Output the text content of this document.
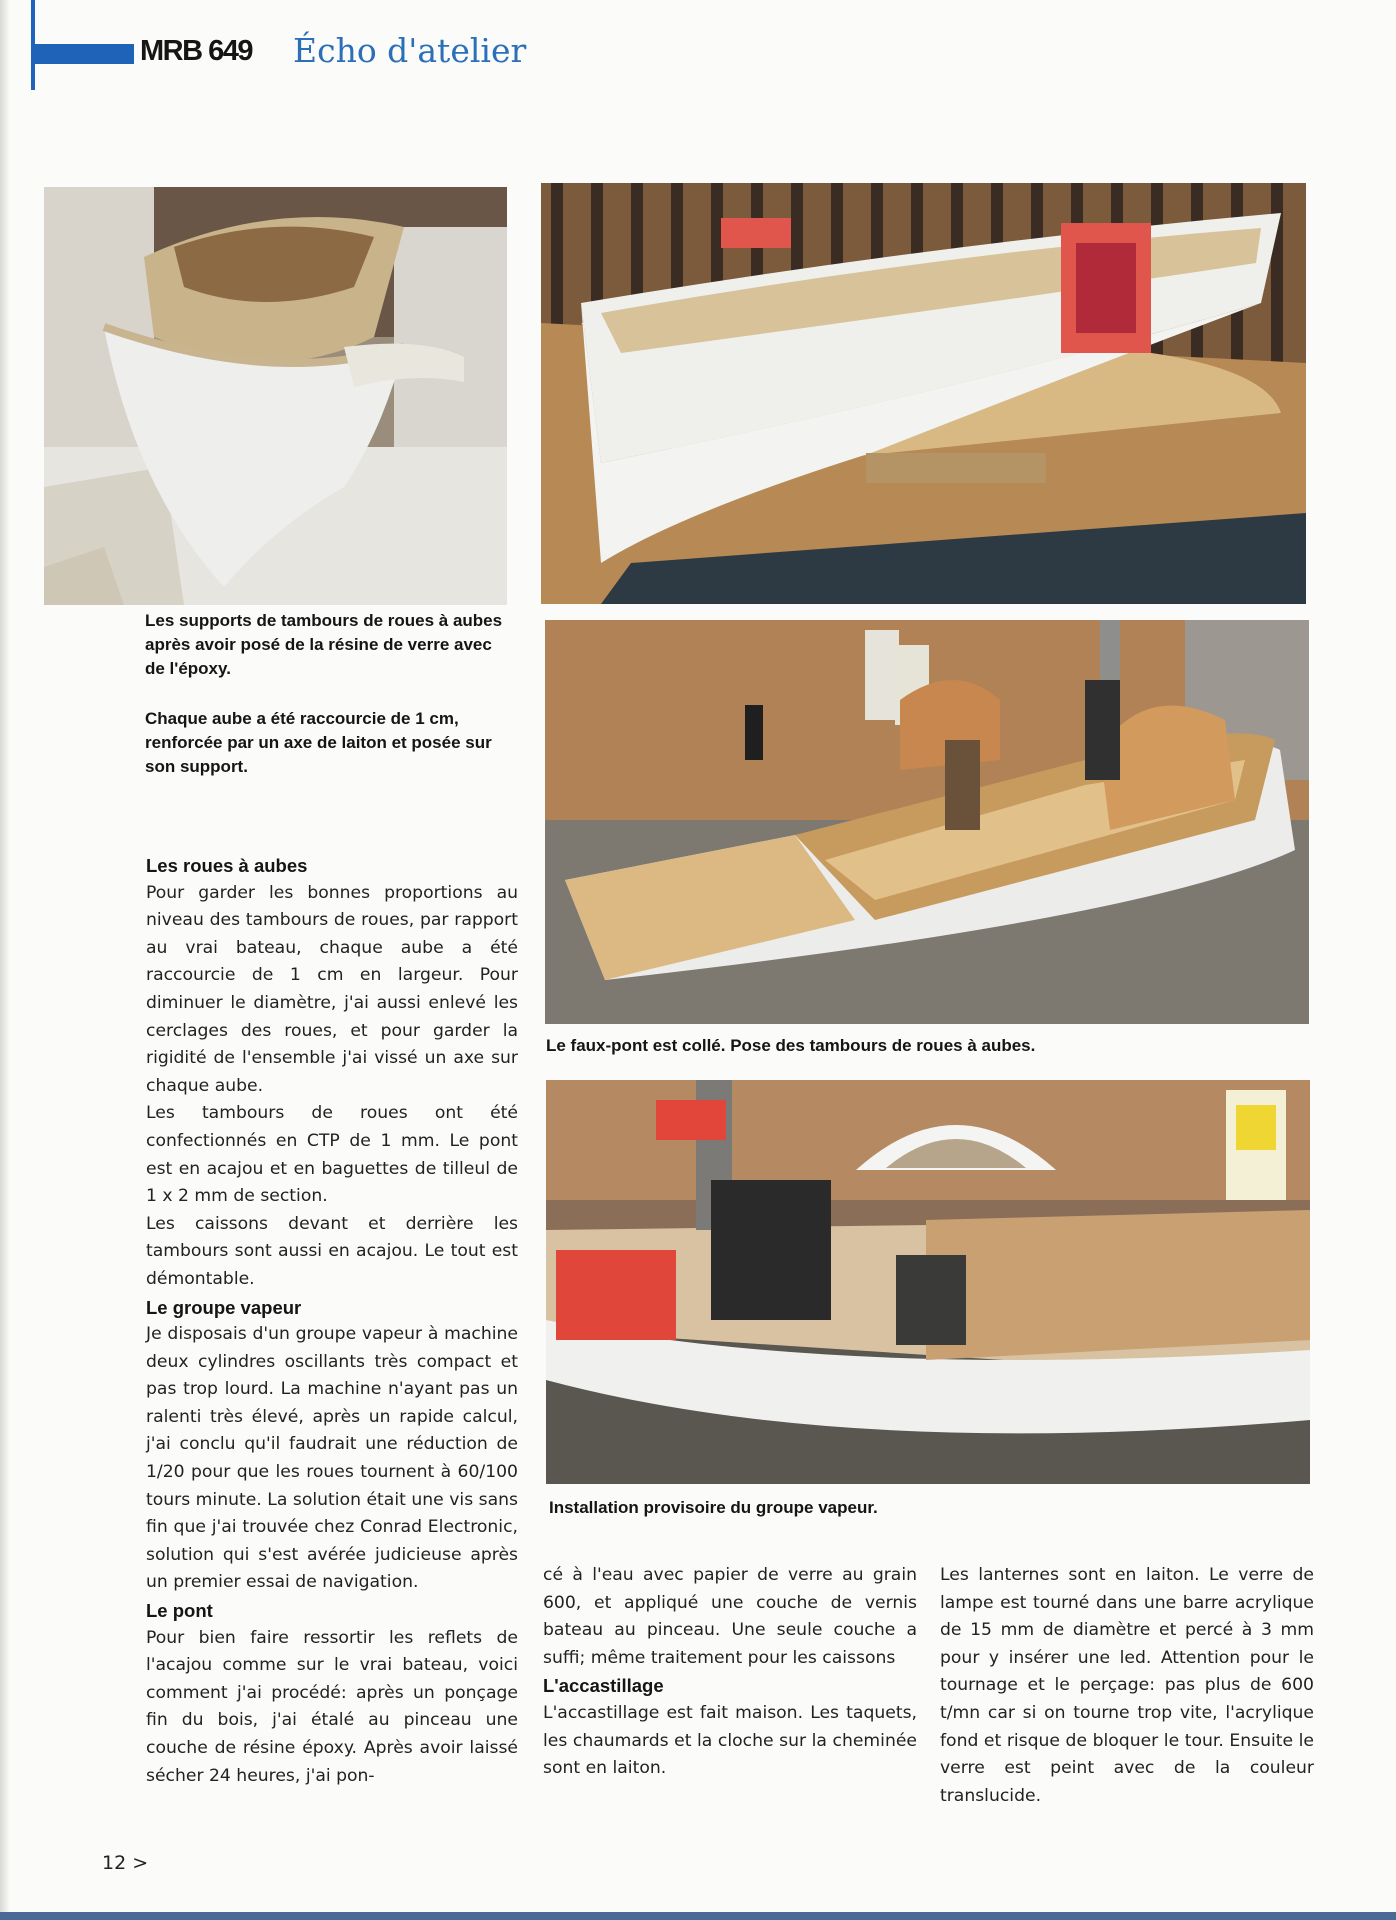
MRB 649 Écho d'atelier
Les supports de tambours de roues à aubes après avoir posé de la résine de verre avec de l'époxy.
Chaque aube a été raccourcie de 1 cm, renforcée par un axe de laiton et posée sur son support.
Le faux-pont est collé. Pose des tambours de roues à aubes.
Installation provisoire du groupe vapeur.
Les roues à aubes

Pour garder les bonnes proportions au niveau des tambours de roues, par rapport au vrai bateau, chaque aube a été raccourcie de 1 cm en largeur. Pour diminuer le diamètre, j'ai aussi enlevé les cerclages des roues, et pour garder la rigidité de l'ensemble j'ai vissé un axe sur chaque aube.

Les tambours de roues ont été confectionnés en CTP de 1 mm. Le pont est en acajou et en baguettes de tilleul de 1 x 2 mm de section.

Les caissons devant et derrière les tambours sont aussi en acajou. Le tout est démontable.

Le groupe vapeur

Je disposais d'un groupe vapeur à machine deux cylindres oscillants très compact et pas trop lourd. La machine n'ayant pas un ralenti très élevé, après un rapide calcul, j'ai conclu qu'il faudrait une réduction de 1/20 pour que les roues tournent à 60/100 tours minute. La solution était une vis sans fin que j'ai trouvée chez Conrad Electronic, solution qui s'est avérée judicieuse après un premier essai de navigation.

Le pont

Pour bien faire ressortir les reflets de l'acajou comme sur le vrai bateau, voici comment j'ai procédé: après un ponçage fin du bois, j'ai étalé au pinceau une couche de résine époxy. Après avoir laissé sécher 24 heures, j'ai pon-

cé à l'eau avec papier de verre au grain 600, et appliqué une couche de vernis bateau au pinceau. Une seule couche a suffi; même traitement pour les caissons

L'accastillage

L'accastillage est fait maison. Les taquets, les chaumards et la cloche sur la cheminée sont en laiton.

Les lanternes sont en laiton. Le verre de lampe est tourné dans une barre acrylique de 15 mm de diamètre et percé à 3 mm pour y insérer une led. Attention pour le tournage et le perçage: pas plus de 600 t/mn car si on tourne trop vite, l'acrylique fond et risque de bloquer le tour. Ensuite le verre est peint avec de la couleur translucide.

12 >
